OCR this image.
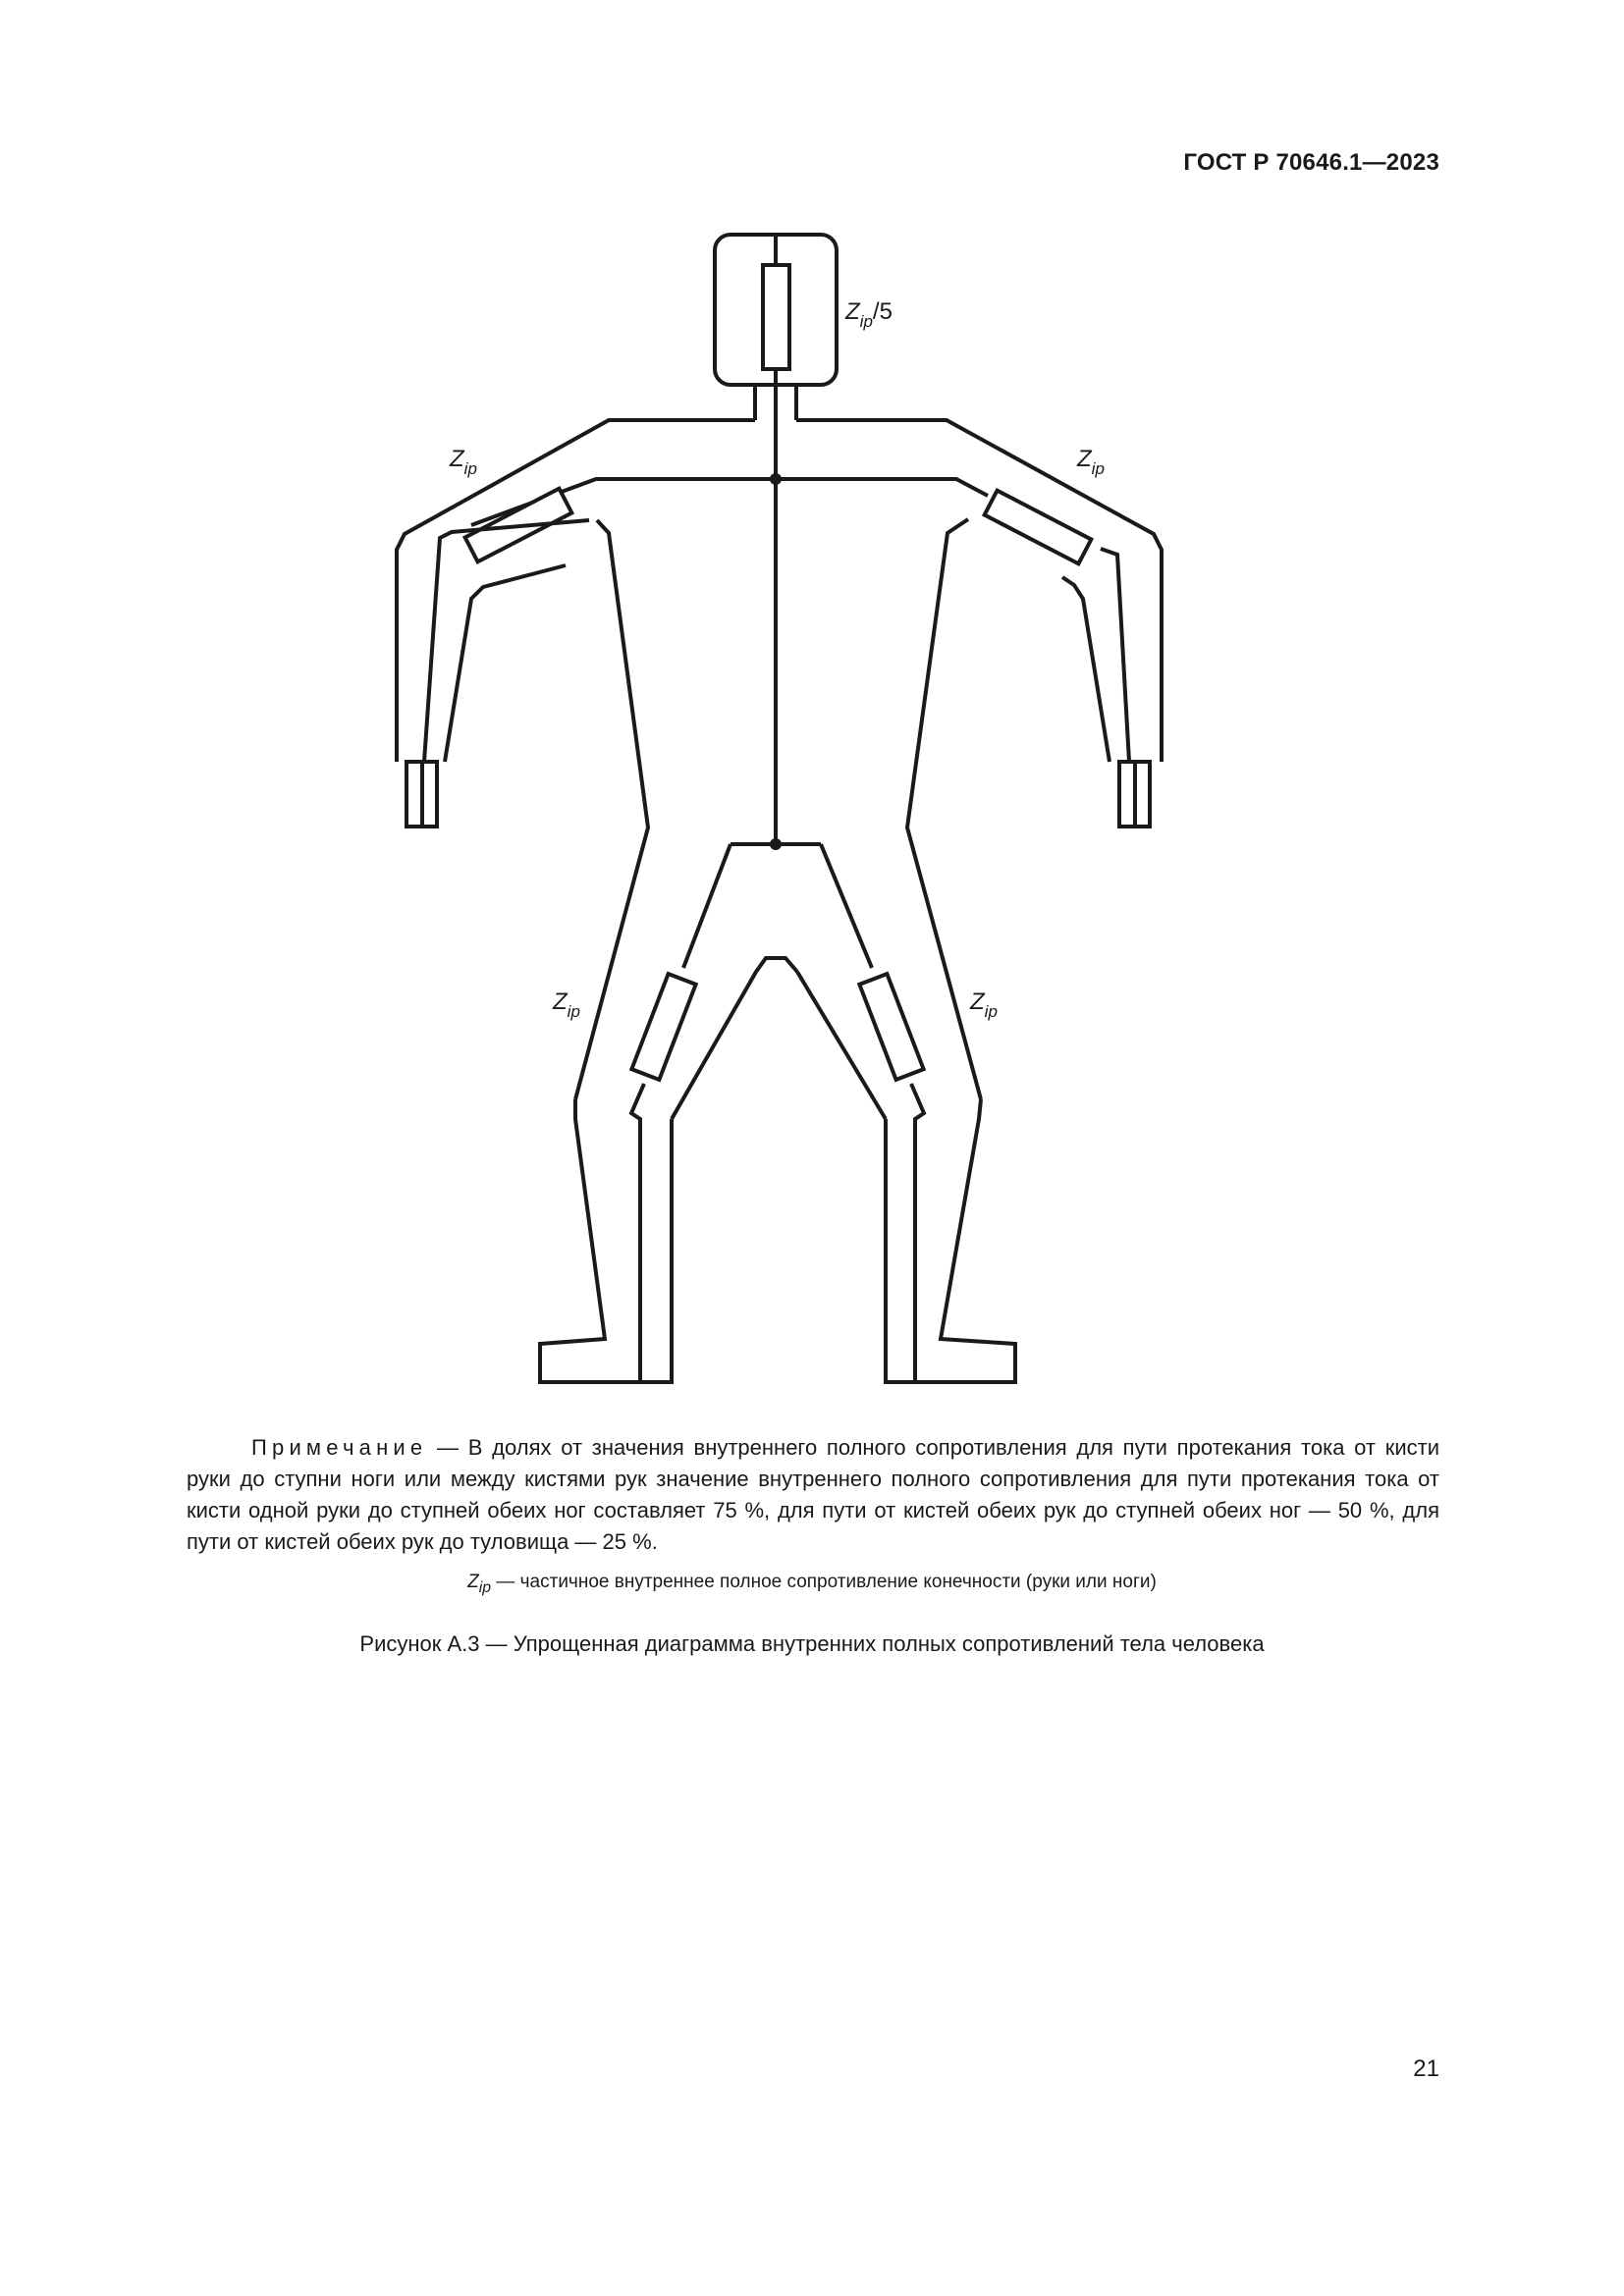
ГОСТ Р 70646.1—2023
Zip/5
Zip	Zip
Zip	Zip
Примечание — В долях от значения внутреннего полного сопротивления для пути протекания тока от кисти руки до ступни ноги или между кистями рук значение внутреннего полного сопротивления для пути протекания тока от кисти одной руки до ступней обеих ног составляет 75 %, для пути от кистей обеих рук до ступней обеих ног — 50 %, для пути от кистей обеих рук до туловища — 25 %.
$Z_{ip}$ — частичное внутреннее полное сопротивление конечности (руки или ноги)
Рисунок А.3 — Упрощенная диаграмма внутренних полных сопротивлений тела человека
21
